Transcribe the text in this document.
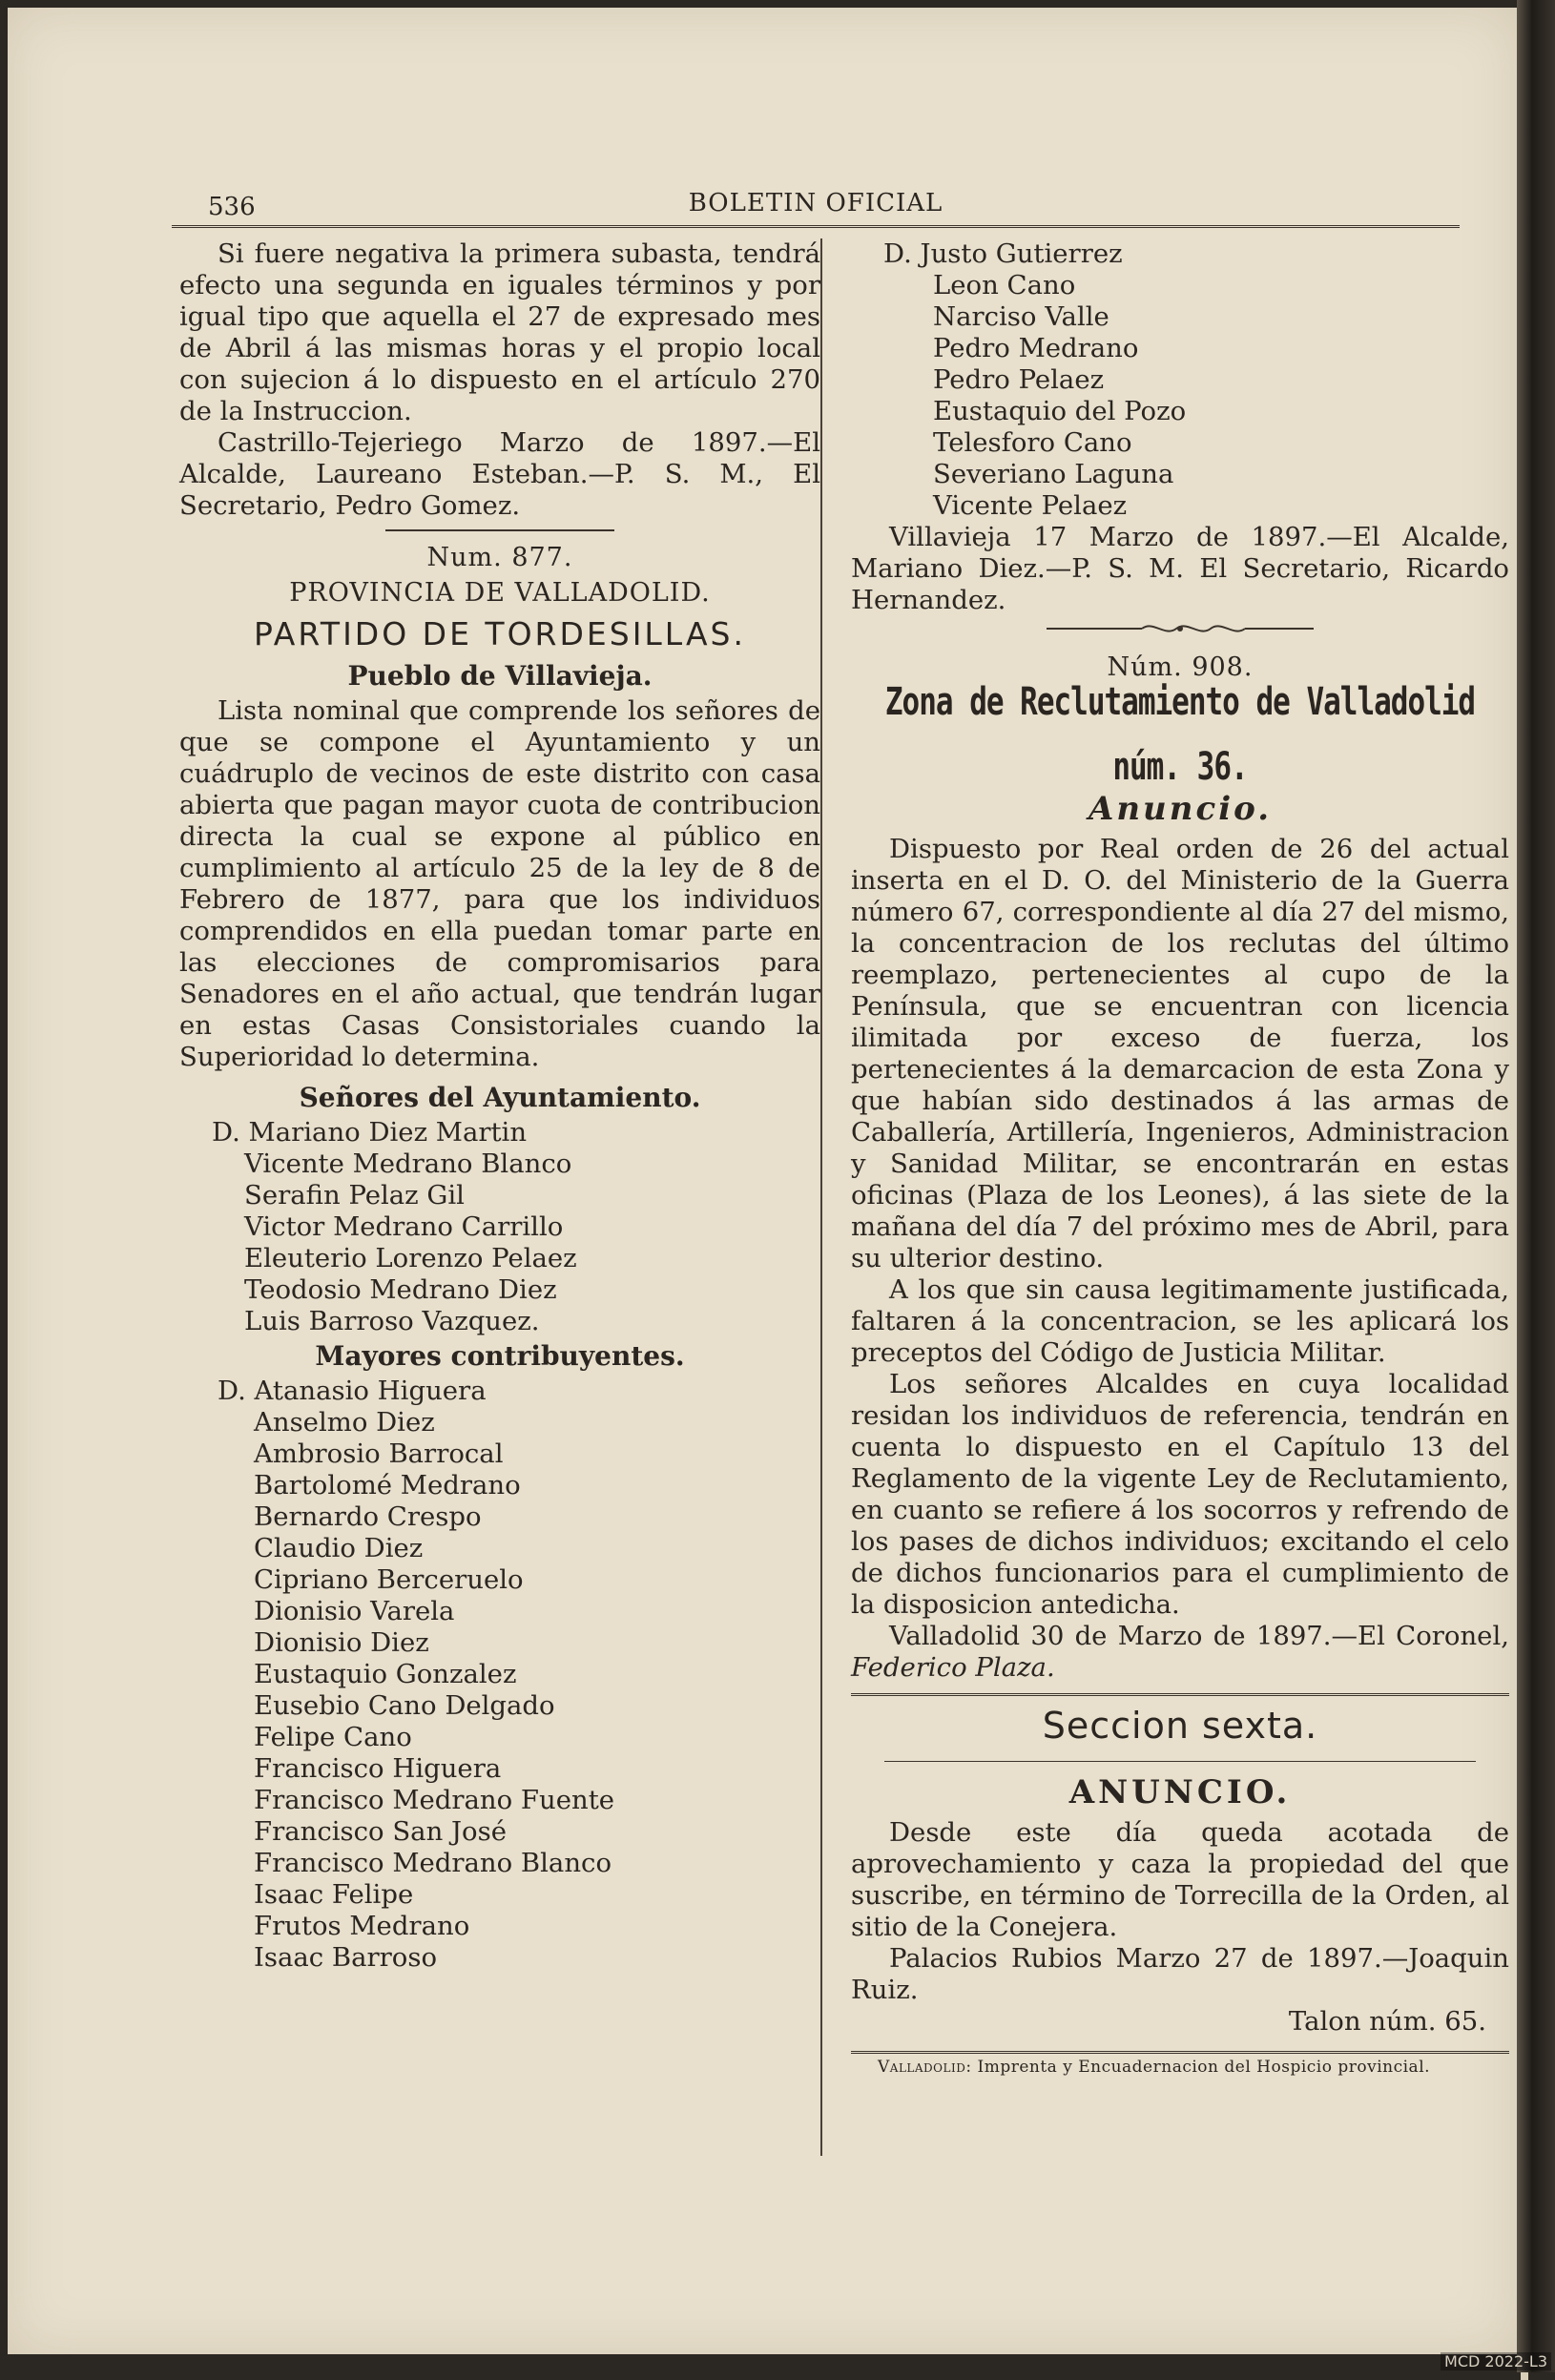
536	BOLETIN OFICIAL

Si fuere negativa la primera subasta, tendrá efecto una segunda en iguales términos y por igual tipo que aquella el 27 de expresado mes de Abril á las mismas horas y el propio local con sujecion á lo dispuesto en el artículo 270 de la Instruccion.

Castrillo-Tejeriego Marzo de 1897.—El Alcalde, Laureano Esteban.—P. S. M., El Secretario, Pedro Gomez.

Num. 877.
PROVINCIA DE VALLADOLID.
PARTIDO DE TORDESILLAS.
Pueblo de Villavieja.

Lista nominal que comprende los señores de que se compone el Ayuntamiento y un cuádruplo de vecinos de este distrito con casa abierta que pagan mayor cuota de contribucion directa la cual se expone al público en cumplimiento al artículo 25 de la ley de 8 de Febrero de 1877, para que los individuos comprendidos en ella puedan tomar parte en las elecciones de compromisarios para Senadores en el año actual, que tendrán lugar en estas Casas Consistoriales cuando la Superioridad lo determina.

Señores del Ayuntamiento.
D. Mariano Diez Martin
Vicente Medrano Blanco
Serafin Pelaz Gil
Victor Medrano Carrillo
Eleuterio Lorenzo Pelaez
Teodosio Medrano Diez
Luis Barroso Vazquez.
Mayores contribuyentes.
D. Atanasio Higuera
Anselmo Diez
Ambrosio Barrocal
Bartolomé Medrano
Bernardo Crespo
Claudio Diez
Cipriano Berceruelo
Dionisio Varela
Dionisio Diez
Eustaquio Gonzalez
Eusebio Cano Delgado
Felipe Cano
Francisco Higuera
Francisco Medrano Fuente
Francisco San José
Francisco Medrano Blanco
Isaac Felipe
Frutos Medrano
Isaac Barroso
D. Justo Gutierrez
Leon Cano
Narciso Valle
Pedro Medrano
Pedro Pelaez
Eustaquio del Pozo
Telesforo Cano
Severiano Laguna
Vicente Pelaez

Villavieja 17 Marzo de 1897.—El Alcalde, Mariano Diez.—P. S. M. El Secretario, Ricardo Hernandez.

Núm. 908.
Zona de Reclutamiento de Valladolid núm. 36.
Anuncio.

Dispuesto por Real orden de 26 del actual inserta en el D. O. del Ministerio de la Guerra número 67, correspondiente al día 27 del mismo, la concentracion de los reclutas del último reemplazo, pertenecientes al cupo de la Península, que se encuentran con licencia ilimitada por exceso de fuerza, los pertenecientes á la demarcacion de esta Zona y que habían sido destinados á las armas de Caballería, Artillería, Ingenieros, Administracion y Sanidad Militar, se encontrarán en estas oficinas (Plaza de los Leones), á las siete de la mañana del día 7 del próximo mes de Abril, para su ulterior destino.

A los que sin causa legitimamente justificada, faltaren á la concentracion, se les aplicará los preceptos del Código de Justicia Militar.

Los señores Alcaldes en cuya localidad residan los individuos de referencia, tendrán en cuenta lo dispuesto en el Capítulo 13 del Reglamento de la vigente Ley de Reclutamiento, en cuanto se refiere á los socorros y refrendo de los pases de dichos individuos; excitando el celo de dichos funcionarios para el cumplimiento de la disposicion antedicha.

Valladolid 30 de Marzo de 1897.—El Coronel, Federico Plaza.

Seccion sexta.
ANUNCIO.

Desde este día queda acotada de aprovechamiento y caza la propiedad del que suscribe, en término de Torrecilla de la Orden, al sitio de la Conejera.

Palacios Rubios Marzo 27 de 1897.—Joaquin Ruiz.

Talon núm. 65.

Valladolid: Imprenta y Encuadernacion del Hospicio provincial.
MCD 2022-L3
